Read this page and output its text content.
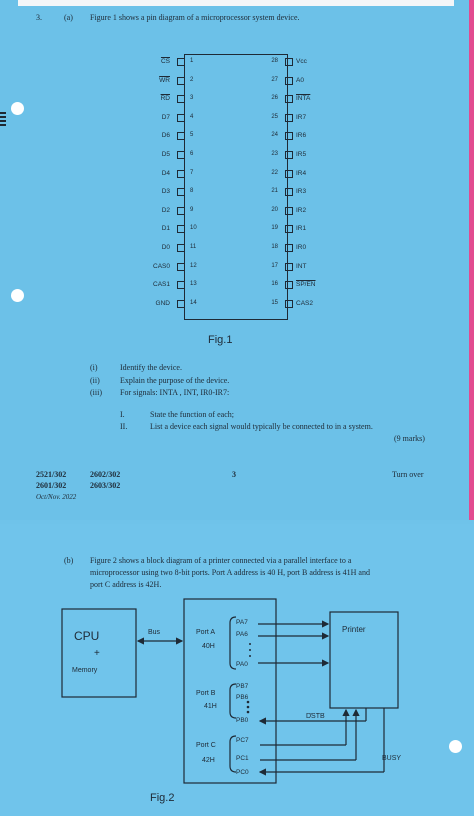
3.	(a) Figure 1 shows a pin diagram of a microprocessor system device.
Fig.1
(i)	Identify the device.
(ii)	Explain the purpose of the device.
(iii) For signals: INTA , INT, IR0-IR7:
I.	State the function of each;
II.	List a device each signal would typically be connected to in a system.
(9 marks)
2521/302	2602/302
2601/302	2603/302
Oct/Nov. 2022
3	Turn over
$\overline{CS}$	1
$\overline{WR}$	2
$\overline{RD}$	3
D7	4
D6	5
D5	6
D4	7
D3	8
D2	9
D1	10
D0	11
CAS0	12
CAS1	13
GND	14
28	Vcc
27	A0
26	INTA
25	IR7
24	IR6
23	IR5
22	IR4
21	IR3
20	IR2
19	IR1
18	IR0
17	INT
16	SP/EN
15	CAS2
(b) Figure 2 shows a block diagram of a printer connected via a parallel interface to a
microprocessor using two 8-bit ports. Port A address is 40 H, port B address is 41H and
port C address is 42H.
CPU
+
Memory
Bus	Port A
40H
PA7
PA6
PA0
Port B
41H
PB7
PB6
PB0
Port C
42H
PC7
PC1
PC0
Printer
DSTB
BUSY
Fig.2
